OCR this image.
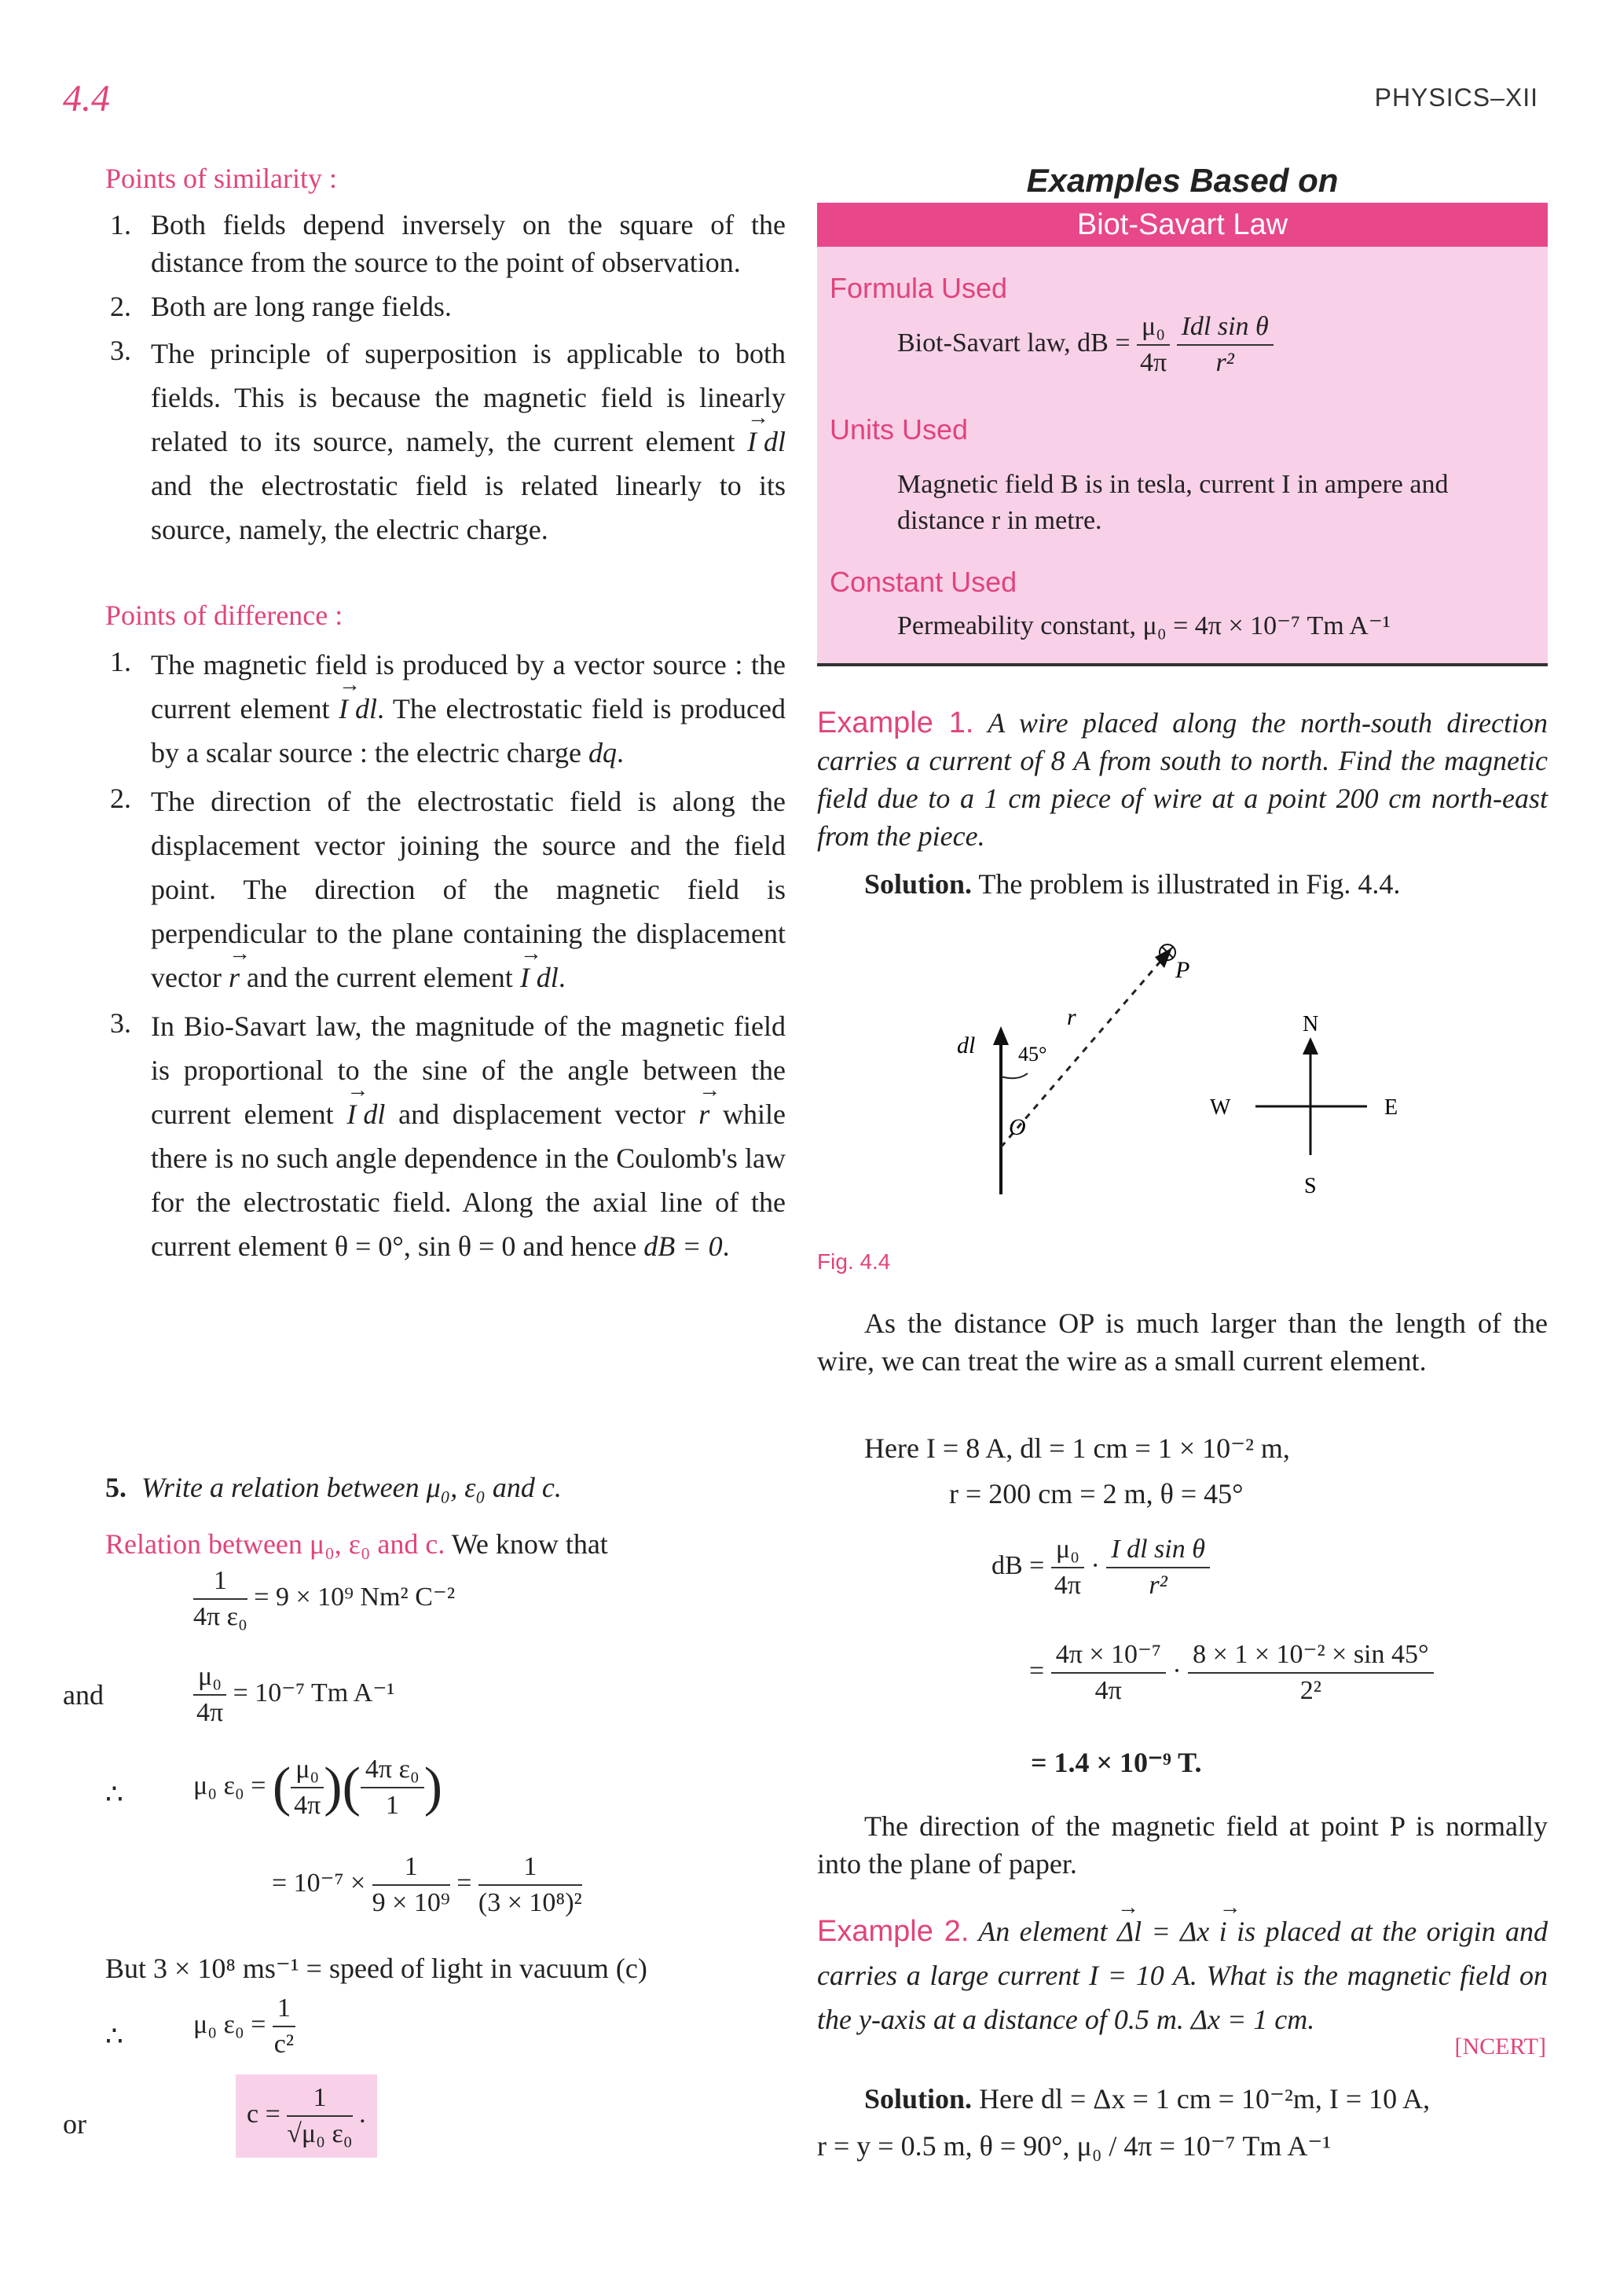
4.4	PHYSICS–XII
Points of similarity :
1. Both fields depend inversely on the square of the distance from the source to the point of observation.
2. Both are long range fields.
3. The principle of superposition is applicable to both fields. This is because the magnetic field is linearly related to its source, namely, the current element → I dl and the electrostatic field is related linearly to its source, namely, the electric charge.
Points of difference :
1. The magnetic field is produced by a vector source : the current element → I dl. The electrostatic field is produced by a scalar source : the electric charge dq.
2. The direction of the electrostatic field is along the displacement vector joining the source and the field point. The direction of the magnetic field is perpendicular to the plane containing the displacement vector → r and the current element → I dl.
3. In Bio-Savart law, the magnitude of the magnetic field is proportional to the sine of the angle between the current element → I dl and displacement vector → r while there is no such angle dependence in the Coulomb's law for the electrostatic field. Along the axial line of the current element θ = 0°, sin θ = 0 and hence dB = 0.
5. Write a relation between μ₀, ε₀ and c.
Relation between μ₀, ε₀ and c. We know that
$\frac{1}{\text{4π ε₀}} = 9 \times 10^9$ Nm² C⁻²
and	$\frac{\text{μ₀}}{4\pi} = 10^{-7}$ Tm A⁻¹
∴	μ₀ ε₀ = ( $\frac{\text{μ₀}}{4\pi}$ )( $\frac{\text{4π ε₀}}{1}$ )
= $10^{-7} \times \frac{1}{\text{9 × 10⁹}} = \frac{1}{\text{(3 × 10⁸)²}}$
But 3 × 10⁸ ms⁻¹ = speed of light in vacuum (c)
∴	μ₀ $\varepsilon_0 = \frac{1}{\text{c²}}$
or	$c = \frac{1}{\text{√μ₀ ε₀}}$ .
Examples Based on
Biot-Savart Law
Formula Used
Biot-Savart law, dB = $\frac{\text{μ₀}}{4\pi}$
$\frac{\text{Idl sin θ}}{\text{r²}}$
Units Used
Magnetic field B is in tesla, current I in ampere and distance r in metre.
Constant Used
Permeability constant, μ₀ = 4π × 10⁻⁷ Tm A⁻¹
Example 1. A wire placed along the north-south direction carries a current of 8 A from south to north. Find the magnetic field due to a 1 cm piece of wire at a point 200 cm north-east from the piece.
Solution. The problem is illustrated in Fig. 4.4.
dl 45°
O
r
P
N
S
E
W
Fig. 4.4
As the distance OP is much larger than the length of the wire, we can treat the wire as a small current element.
Here I = 8 A, dl = 1 cm = 1 × 10⁻² m,
r = 200 cm = 2 m, θ = 45°
dB = $\frac{\text{μ₀}}{4\pi} \cdot \frac{\text{I dl sin θ}}{\text{r²}}$
= $\frac{\text{4π × 10⁻⁷}}{4\pi} \cdot \frac{\text{8 × 1 × 10⁻² × sin 45°}}{\text{2²}}$
= 1.4 × 10⁻⁹ T.
The direction of the magnetic field at point P is normally into the plane of paper.
Example 2. An element → Δl = Δx → i is placed at the origin and carries a large current I = 10 A. What is the magnetic field on the y-axis at a distance of 0.5 m. Δx = 1 cm.
[NCERT]
Solution. Here dl = Δx = 1 cm = 10⁻²m, I = 10 A,
r = y = 0.5 m, θ = 90°, μ₀ / 4π = 10⁻⁷ Tm A⁻¹
